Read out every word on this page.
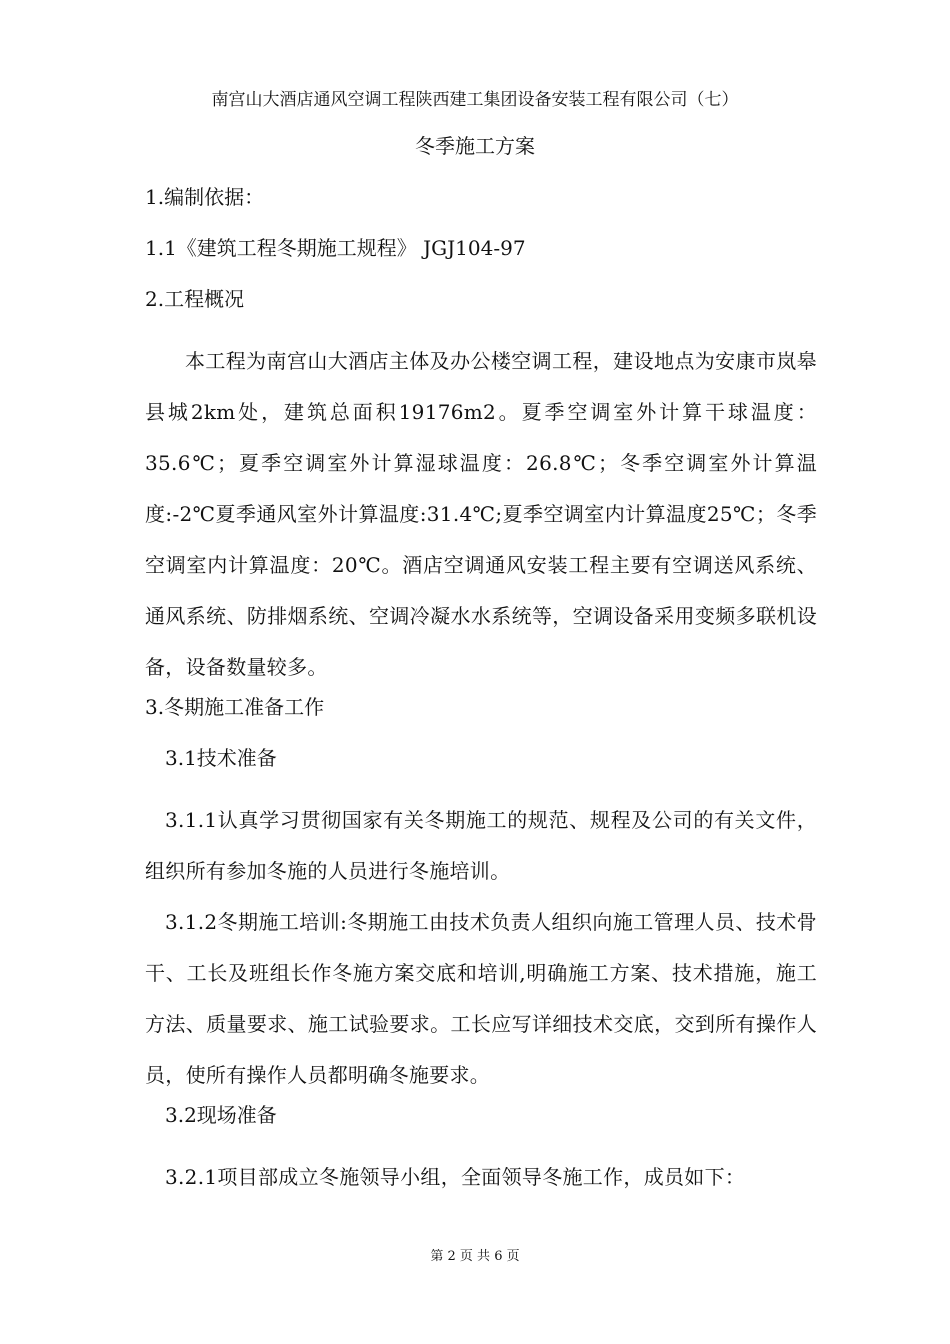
南宫山大酒店通风空调工程陕西建工集团设备安装工程有限公司（七）
冬季施工方案
1.编制依据：
1.1《建筑工程冬期施工规程》 JGJ104-97
2.工程概况

本工程为南宫山大酒店主体及办公楼空调工程，建设地点为安康市岚皋县城2km处，建筑总面积19176m2。夏季空调室外计算干球温度：35.6℃；夏季空调室外计算湿球温度：26.8℃；冬季空调室外计算温度:-2℃夏季通风室外计算温度:31.4℃;夏季空调室内计算温度25℃；冬季空调室内计算温度：20℃。酒店空调通风安装工程主要有空调送风系统、通风系统、防排烟系统、空调冷凝水水系统等，空调设备采用变频多联机设备，设备数量较多。

3.冬期施工准备工作
3.1技术准备

3.1.1认真学习贯彻国家有关冬期施工的规范、规程及公司的有关文件，组织所有参加冬施的人员进行冬施培训。

3.1.2冬期施工培训:冬期施工由技术负责人组织向施工管理人员、技术骨干、工长及班组长作冬施方案交底和培训,明确施工方案、技术措施，施工方法、质量要求、施工试验要求。工长应写详细技术交底，交到所有操作人员，使所有操作人员都明确冬施要求。

3.2现场准备

3.2.1项目部成立冬施领导小组，全面领导冬施工作，成员如下：

第 2 页 共 6 页
